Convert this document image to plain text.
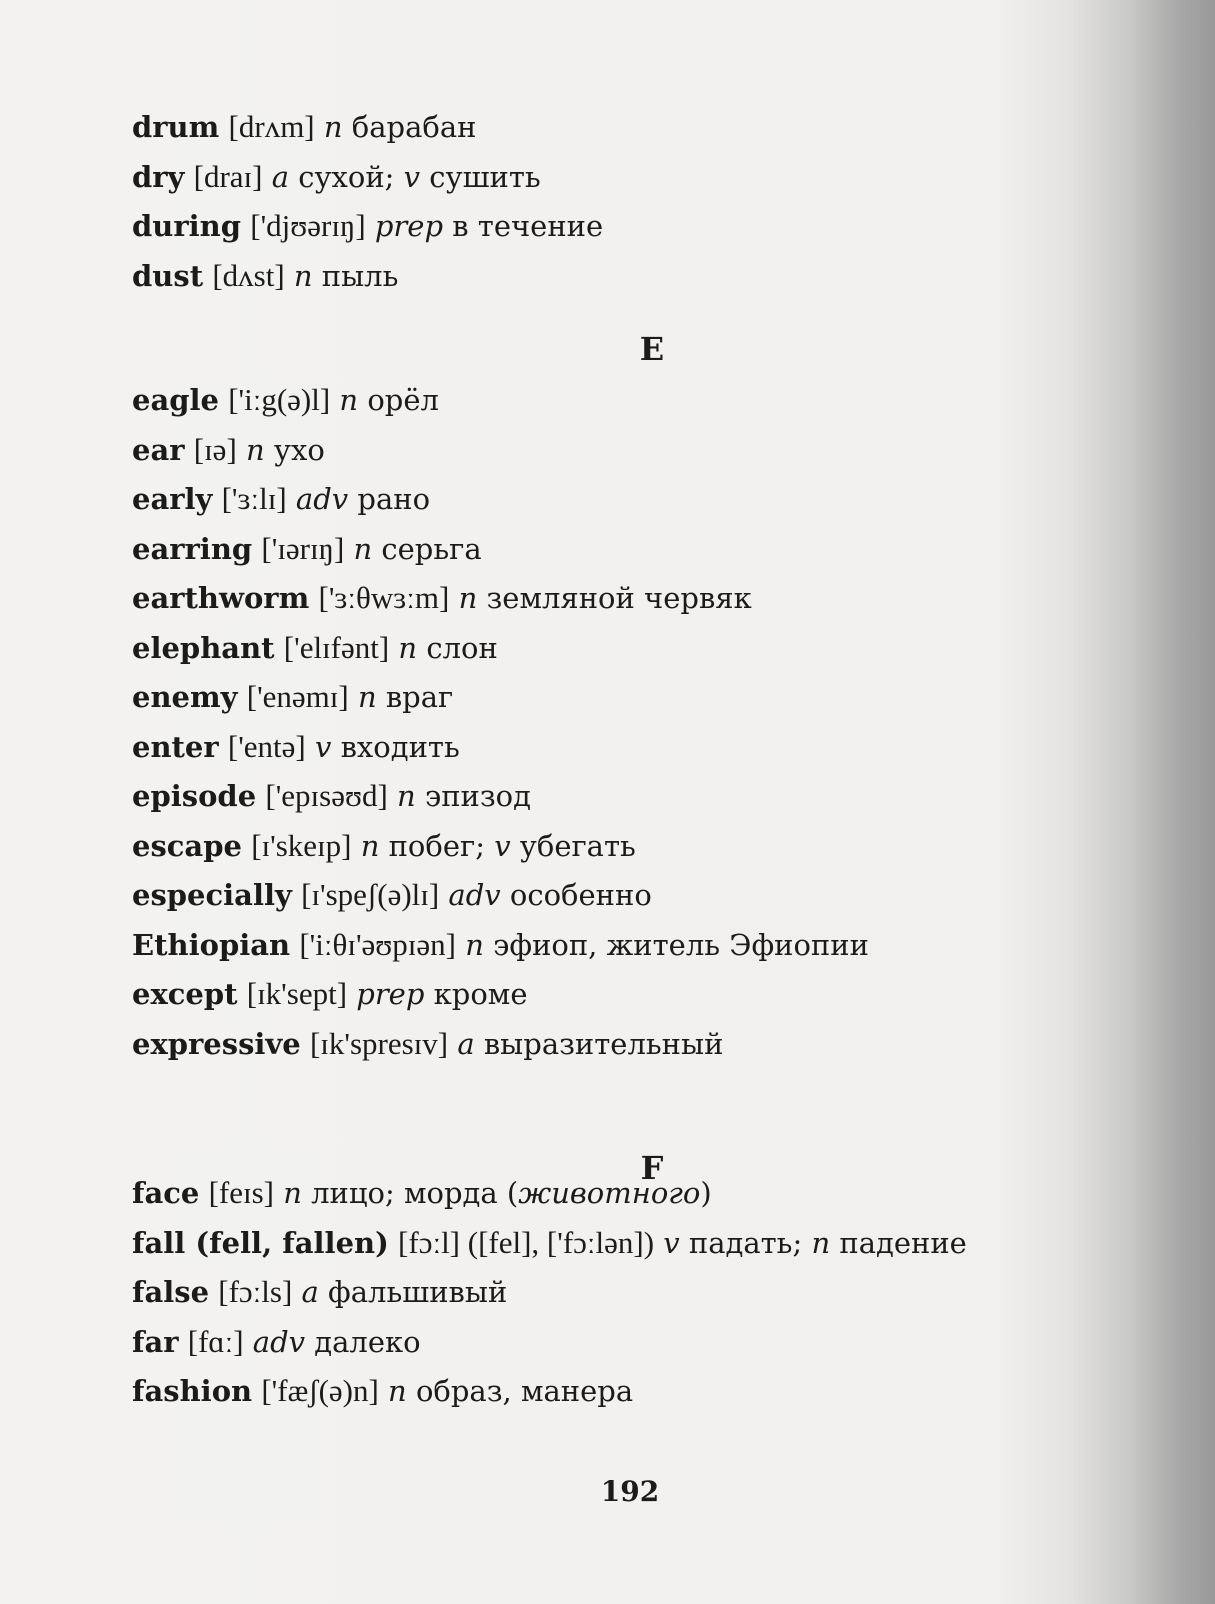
drum [drʌm] n барабан
dry [draɪ] a сухой; v сушить
during ['djʊərɪŋ] prep в течение
dust [dʌst] n пыль
E
eagle ['iːg(ə)l] n орёл
ear [ɪə] n ухо
early ['ɜːlɪ] adv рано
earring ['ɪərɪŋ] n серьга
earthworm ['ɜːθwɜːm] n земляной червяк
elephant ['elɪfənt] n слон
enemy ['enəmɪ] n враг
enter ['entə] v входить
episode ['epɪsəʊd] n эпизод
escape [ɪ'skeɪp] n побег; v убегать
especially [ɪ'speʃ(ə)lɪ] adv особенно
Ethiopian ['iːθɪ'əʊpɪən] n эфиоп, житель Эфиопии
except [ɪk'sept] prep кроме
expressive [ɪk'spresɪv] a выразительный
F
face [feɪs] n лицо; морда (животного)
fall (fell, fallen) [fɔːl] ([fel], ['fɔːlən]) v падать; n падение
false [fɔːls] a фальшивый
far [fɑː] adv далеко
fashion ['fæʃ(ə)n] n образ, манера
192
